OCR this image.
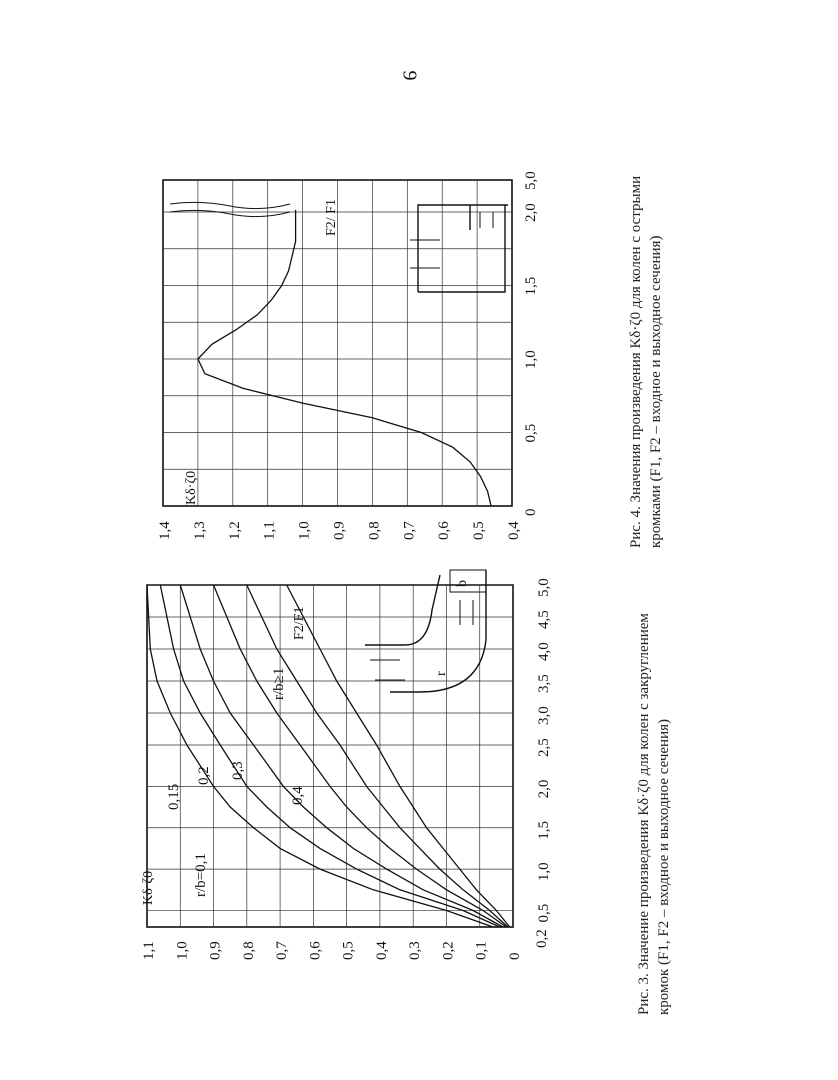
9
0,5
1,0
1,5
2,0
2,5
3,0
3,5
4,0
4,5
5,0
0
0,1
0,2
0,3
0,4
0,5
0,6
0,7
0,8
0,9
1,0
1,1
0,2
r/b=0,1
0,15
0,2 0,3
0,4
r/b≥1
Kδ·ζ0
F2/F1
b
r
0
0,5
1,0
1,5
2,0
5,0
0,4
0,5
0,6
0,7
0,8
0,9
1,0
1,1
1,2
1,3
1,4
Kδ·ζ0
F2/ F1
Рис. 3. Значение произведения Kδ·ζ0 для колен с закруглением кромок (F1, F2 – входное и выходное сечения)
Рис. 4. Значения произведения Kδ·ζ0 для колен с острыми кромками (F1, F2 – входное и выходное сечения)
